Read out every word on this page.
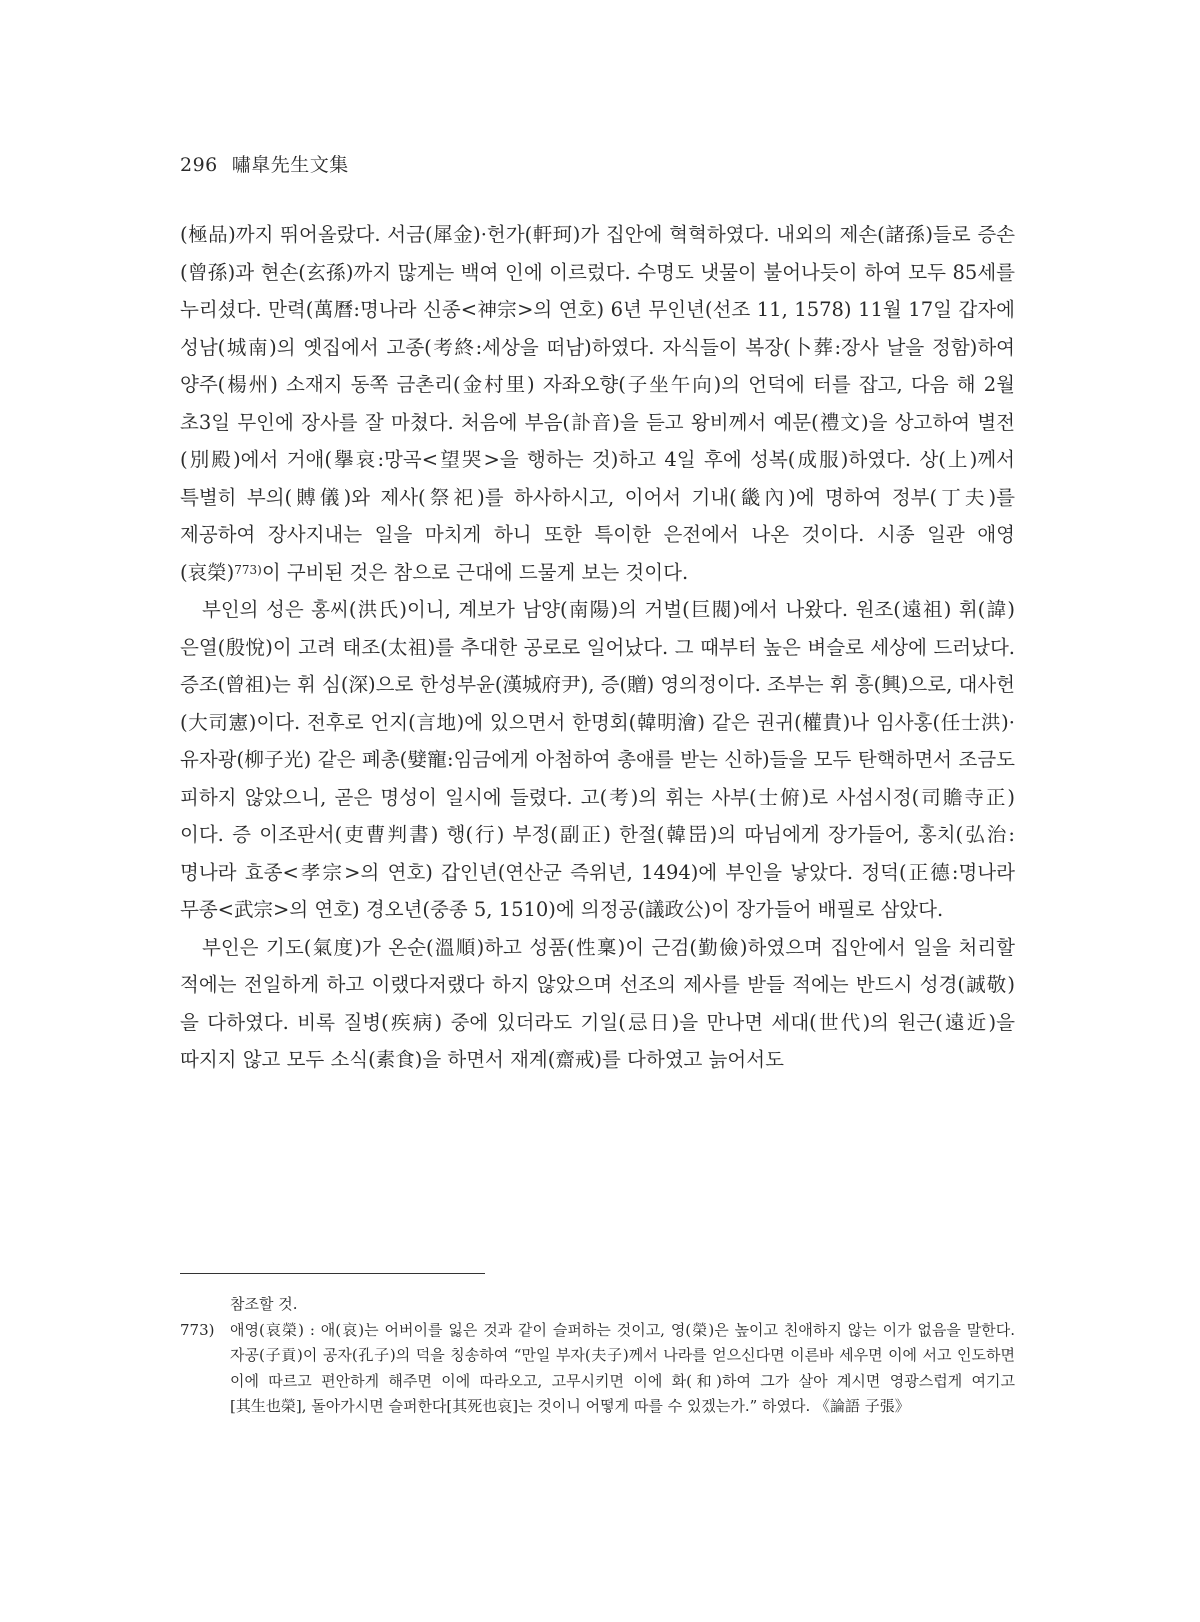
296 嘯皐先生文集

(極品)까지 뛰어올랐다. 서금(犀金)·헌가(軒珂)가 집안에 혁혁하였다. 내외의 제손(諸孫)들로 증손(曾孫)과 현손(玄孫)까지 많게는 백여 인에 이르렀다. 수명도 냇물이 불어나듯이 하여 모두 85세를 누리셨다. 만력(萬曆:명나라 신종<神宗>의 연호) 6년 무인년(선조 11, 1578) 11월 17일 갑자에 성남(城南)의 옛집에서 고종(考終:세상을 떠남)하였다. 자식들이 복장(卜葬:장사 날을 정함)하여 양주(楊州) 소재지 동쪽 금촌리(金村里) 자좌오향(子坐午向)의 언덕에 터를 잡고, 다음 해 2월 초3일 무인에 장사를 잘 마쳤다. 처음에 부음(訃音)을 듣고 왕비께서 예문(禮文)을 상고하여 별전(別殿)에서 거애(擧哀:망곡<望哭>을 행하는 것)하고 4일 후에 성복(成服)하였다. 상(上)께서 특별히 부의(賻儀)와 제사(祭祀)를 하사하시고, 이어서 기내(畿內)에 명하여 정부(丁夫)를 제공하여 장사지내는 일을 마치게 하니 또한 특이한 은전에서 나온 것이다. 시종 일관 애영(哀榮)$^{773)}$이 구비된 것은 참으로 근대에 드물게 보는 것이다.

부인의 성은 홍씨(洪氏)이니, 계보가 남양(南陽)의 거벌(巨閥)에서 나왔다. 원조(遠祖) 휘(諱) 은열(殷悅)이 고려 태조(太祖)를 추대한 공로로 일어났다. 그 때부터 높은 벼슬로 세상에 드러났다. 증조(曾祖)는 휘 심(深)으로 한성부윤(漢城府尹), 증(贈) 영의정이다. 조부는 휘 흥(興)으로, 대사헌(大司憲)이다. 전후로 언지(言地)에 있으면서 한명회(韓明澮) 같은 권귀(權貴)나 임사홍(任士洪)·유자광(柳子光) 같은 폐총(嬖寵:임금에게 아첨하여 총애를 받는 신하)들을 모두 탄핵하면서 조금도 피하지 않았으니, 곧은 명성이 일시에 들렸다. 고(考)의 휘는 사부(士俯)로 사섬시정(司贍寺正)이다. 증 이조판서(吏曹判書) 행(行) 부정(副正) 한절(韓岊)의 따님에게 장가들어, 홍치(弘治:명나라 효종<孝宗>의 연호) 갑인년(연산군 즉위년, 1494)에 부인을 낳았다. 정덕(正德:명나라 무종<武宗>의 연호) 경오년(중종 5, 1510)에 의정공(議政公)이 장가들어 배필로 삼았다.

부인은 기도(氣度)가 온순(溫順)하고 성품(性稟)이 근검(勤儉)하였으며 집안에서 일을 처리할 적에는 전일하게 하고 이랬다저랬다 하지 않았으며 선조의 제사를 받들 적에는 반드시 성경(誠敬)을 다하였다. 비록 질병(疾病) 중에 있더라도 기일(忌日)을 만나면 세대(世代)의 원근(遠近)을 따지지 않고 모두 소식(素食)을 하면서 재계(齋戒)를 다하였고 늙어서도

참조할 것.

773)	애영(哀榮) : 애(哀)는 어버이를 잃은 것과 같이 슬퍼하는 것이고, 영(榮)은 높이고 친애하지 않는 이가 없음을 말한다. 자공(子貢)이 공자(孔子)의 덕을 칭송하여 “만일 부자(夫子)께서 나라를 얻으신다면 이른바 세우면 이에 서고 인도하면 이에 따르고 편안하게 해주면 이에 따라오고, 고무시키면 이에 화(和)하여 그가 살아 계시면 영광스럽게 여기고[其生也榮], 돌아가시면 슬퍼한다[其死也哀]는 것이니 어떻게 따를 수 있겠는가.” 하였다. 《論語 子張》
